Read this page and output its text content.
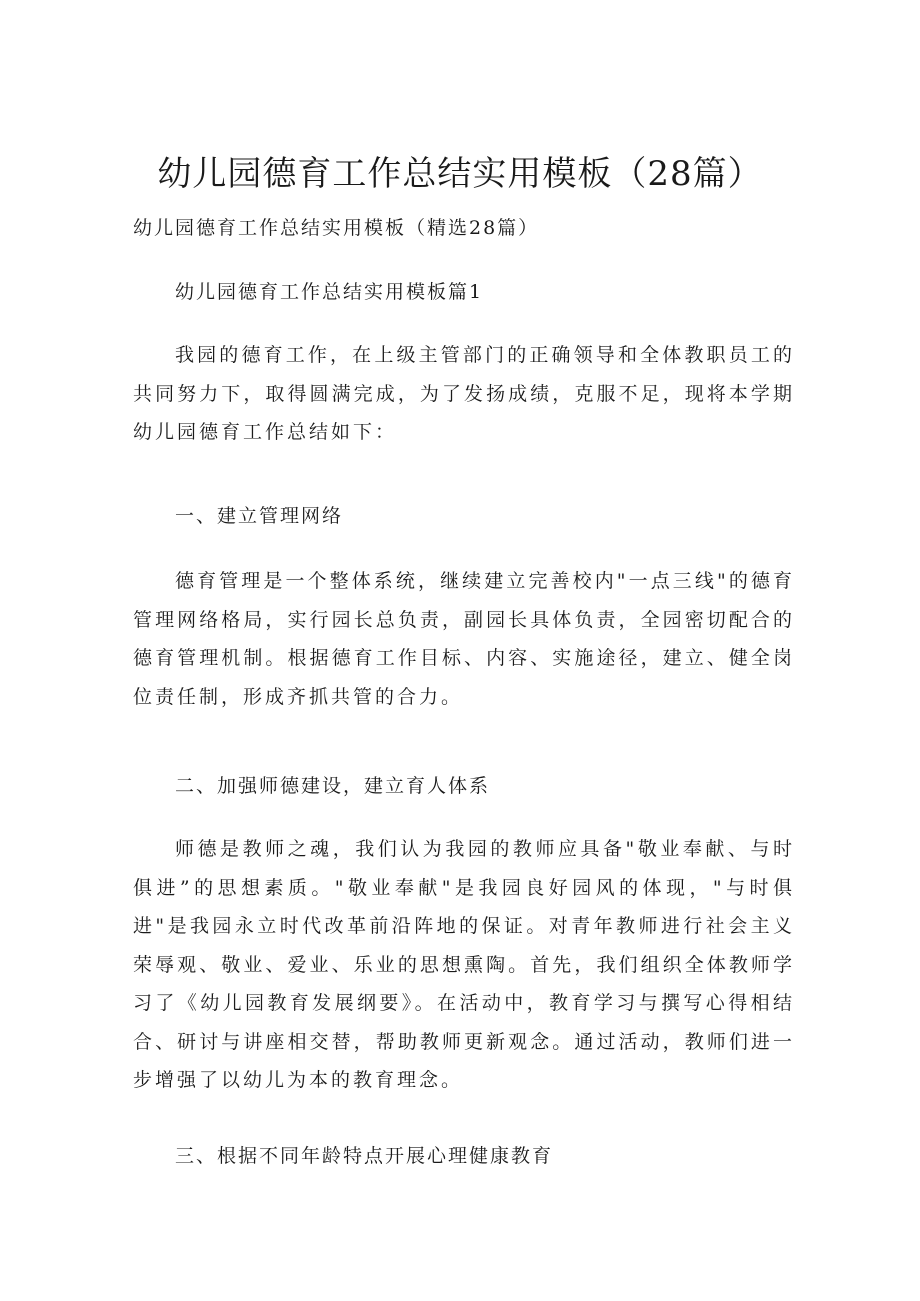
幼儿园德育工作总结实用模板（28篇）
幼儿园德育工作总结实用模板（精选28篇）
幼儿园德育工作总结实用模板篇1
我园的德育工作，在上级主管部门的正确领导和全体教职员工的共同努力下，取得圆满完成，为了发扬成绩，克服不足，现将本学期幼儿园德育工作总结如下：
一、建立管理网络
德育管理是一个整体系统，继续建立完善校内"一点三线"的德育管理网络格局，实行园长总负责，副园长具体负责，全园密切配合的德育管理机制。根据德育工作目标、内容、实施途径，建立、健全岗位责任制，形成齐抓共管的合力。
二、加强师德建设，建立育人体系
师德是教师之魂，我们认为我园的教师应具备"敬业奉献、与时俱进”的思想素质。"敬业奉献"是我园良好园风的体现，"与时俱进"是我园永立时代改革前沿阵地的保证。对青年教师进行社会主义荣辱观、敬业、爱业、乐业的思想熏陶。首先，我们组织全体教师学习了《幼儿园教育发展纲要》。在活动中，教育学习与撰写心得相结合、研讨与讲座相交替，帮助教师更新观念。通过活动，教师们进一步增强了以幼儿为本的教育理念。
三、根据不同年龄特点开展心理健康教育
